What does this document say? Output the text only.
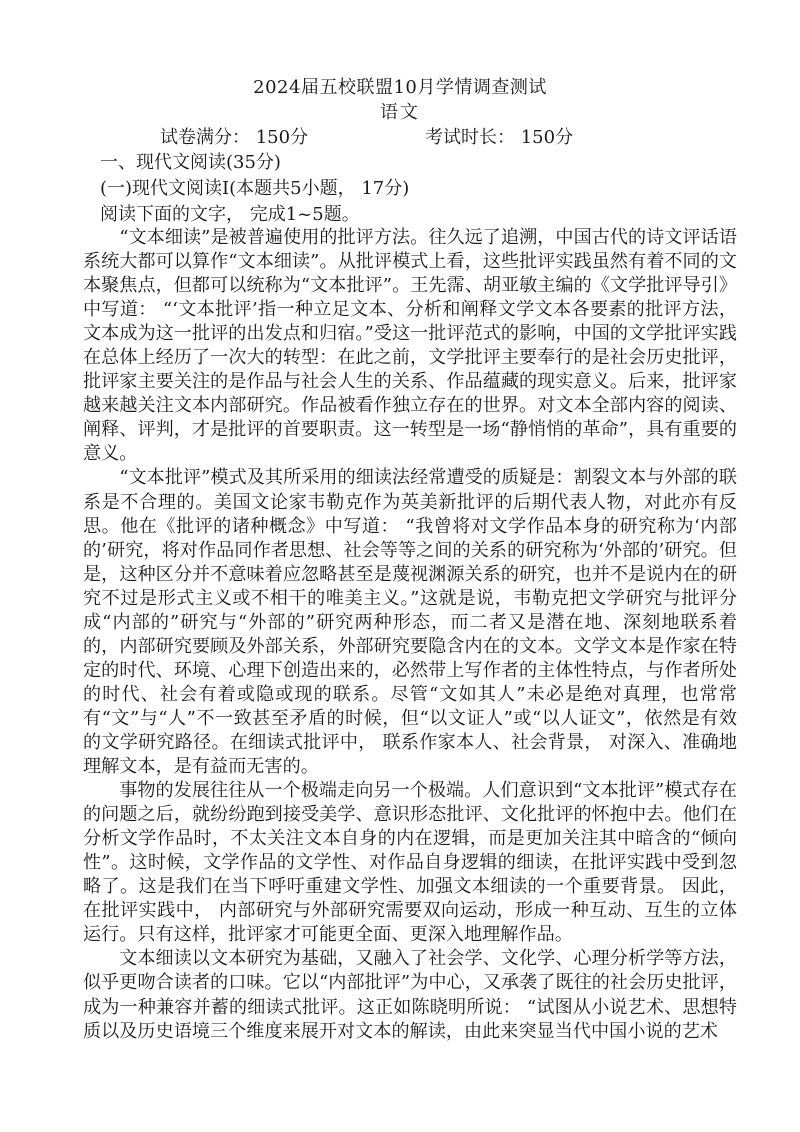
2024届五校联盟10月学情调查测试
语文
试卷满分： 150分	考试时长： 150分
一、现代文阅读(35分)
(一)现代文阅读Ⅰ(本题共5小题， 17分)
阅读下面的文字， 完成1~5题。

“文本细读”是被普遍使用的批评方法。往久远了追溯，中国古代的诗文评话语系统大都可以算作“文本细读”。从批评模式上看，这些批评实践虽然有着不同的文本聚焦点，但都可以统称为“文本批评”。王先霈、胡亚敏主编的《文学批评导引》中写道： “‘文本批评’指一种立足文本、分析和阐释文学文本各要素的批评方法，文本成为这一批评的出发点和归宿。”受这一批评范式的影响，中国的文学批评实践在总体上经历了一次大的转型：在此之前，文学批评主要奉行的是社会历史批评，批评家主要关注的是作品与社会人生的关系、作品蕴藏的现实意义。后来，批评家越来越关注文本内部研究。作品被看作独立存在的世界。对文本全部内容的阅读、阐释、评判，才是批评的首要职责。这一转型是一场“静悄悄的革命”，具有重要的意义。

“文本批评”模式及其所采用的细读法经常遭受的质疑是：割裂文本与外部的联系是不合理的。美国文论家韦勒克作为英美新批评的后期代表人物，对此亦有反思。他在《批评的诸种概念》中写道： “我曾将对文学作品本身的研究称为‘内部的’研究，将对作品同作者思想、社会等等之间的关系的研究称为‘外部的’研究。但是，这种区分并不意味着应忽略甚至是蔑视渊源关系的研究，也并不是说内在的研究不过是形式主义或不相干的唯美主义。”这就是说，韦勒克把文学研究与批评分成“内部的”研究与“外部的”研究两种形态，而二者又是潜在地、深刻地联系着的，内部研究要顾及外部关系，外部研究要隐含内在的文本。文学文本是作家在特定的时代、环境、心理下创造出来的，必然带上写作者的主体性特点，与作者所处的时代、社会有着或隐或现的联系。尽管“文如其人”未必是绝对真理，也常常有“文”与“人”不一致甚至矛盾的时候，但“以文证人”或“以人证文”，依然是有效的文学研究路径。在细读式批评中， 联系作家本人、社会背景， 对深入、准确地理解文本，是有益而无害的。

事物的发展往往从一个极端走向另一个极端。人们意识到“文本批评”模式存在的问题之后，就纷纷跑到接受美学、意识形态批评、文化批评的怀抱中去。他们在分析文学作品时，不太关注文本自身的内在逻辑，而是更加关注其中暗含的“倾向性”。这时候，文学作品的文学性、对作品自身逻辑的细读，在批评实践中受到忽略了。这是我们在当下呼吁重建文学性、加强文本细读的一个重要背景。 因此，在批评实践中， 内部研究与外部研究需要双向运动，形成一种互动、互生的立体运行。只有这样，批评家才可能更全面、更深入地理解作品。

文本细读以文本研究为基础，又融入了社会学、文化学、心理分析学等方法，似乎更吻合读者的口味。它以“内部批评”为中心，又承袭了既往的社会历史批评，成为一种兼容并蓄的细读式批评。这正如陈晓明所说： “试图从小说艺术、思想特质以及历史语境三个维度来展开对文本的解读，由此来突显当代中国小说的艺术
